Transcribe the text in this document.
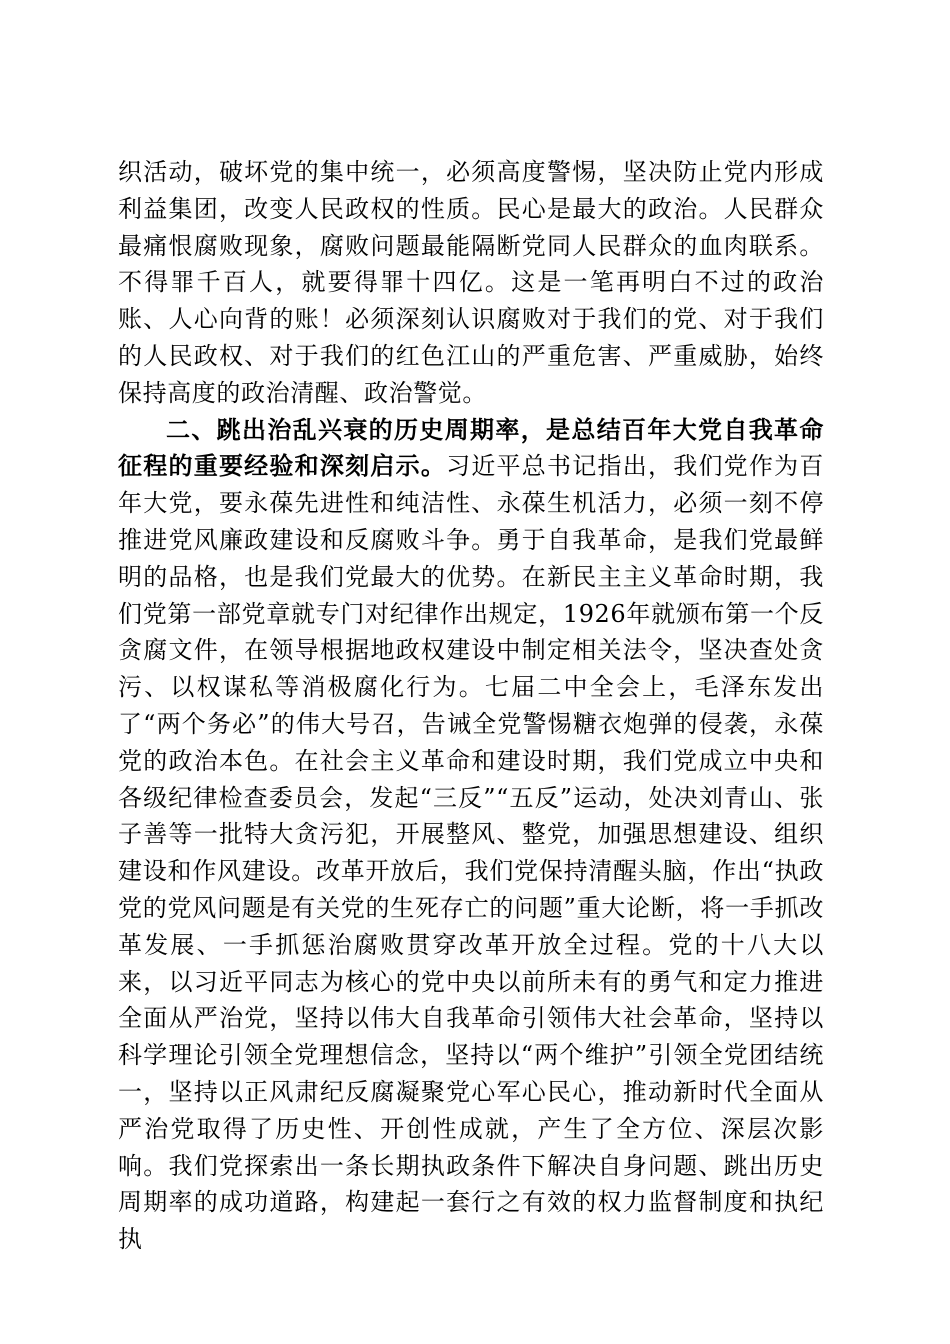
织活动，破坏党的集中统一，必须高度警惕，坚决防止党内形成利益集团，改变人民政权的性质。民心是最大的政治。人民群众最痛恨腐败现象，腐败问题最能隔断党同人民群众的血肉联系。不得罪千百人，就要得罪十四亿。这是一笔再明白不过的政治账、人心向背的账！必须深刻认识腐败对于我们的党、对于我们的人民政权、对于我们的红色江山的严重危害、严重威胁，始终保持高度的政治清醒、政治警觉。

二、跳出治乱兴衰的历史周期率，是总结百年大党自我革命征程的重要经验和深刻启示。习近平总书记指出，我们党作为百年大党，要永葆先进性和纯洁性、永葆生机活力，必须一刻不停推进党风廉政建设和反腐败斗争。勇于自我革命，是我们党最鲜明的品格，也是我们党最大的优势。在新民主主义革命时期，我们党第一部党章就专门对纪律作出规定，1926年就颁布第一个反贪腐文件，在领导根据地政权建设中制定相关法令，坚决查处贪污、以权谋私等消极腐化行为。七届二中全会上，毛泽东发出了“两个务必”的伟大号召，告诫全党警惕糖衣炮弹的侵袭，永葆党的政治本色。在社会主义革命和建设时期，我们党成立中央和各级纪律检查委员会，发起“三反”“五反”运动，处决刘青山、张子善等一批特大贪污犯，开展整风、整党，加强思想建设、组织建设和作风建设。改革开放后，我们党保持清醒头脑，作出“执政党的党风问题是有关党的生死存亡的问题”重大论断，将一手抓改革发展、一手抓惩治腐败贯穿改革开放全过程。党的十八大以来，以习近平同志为核心的党中央以前所未有的勇气和定力推进全面从严治党，坚持以伟大自我革命引领伟大社会革命，坚持以科学理论引领全党理想信念，坚持以“两个维护”引领全党团结统一，坚持以正风肃纪反腐凝聚党心军心民心，推动新时代全面从严治党取得了历史性、开创性成就，产生了全方位、深层次影响。我们党探索出一条长期执政条件下解决自身问题、跳出历史周期率的成功道路，构建起一套行之有效的权力监督制度和执纪执
